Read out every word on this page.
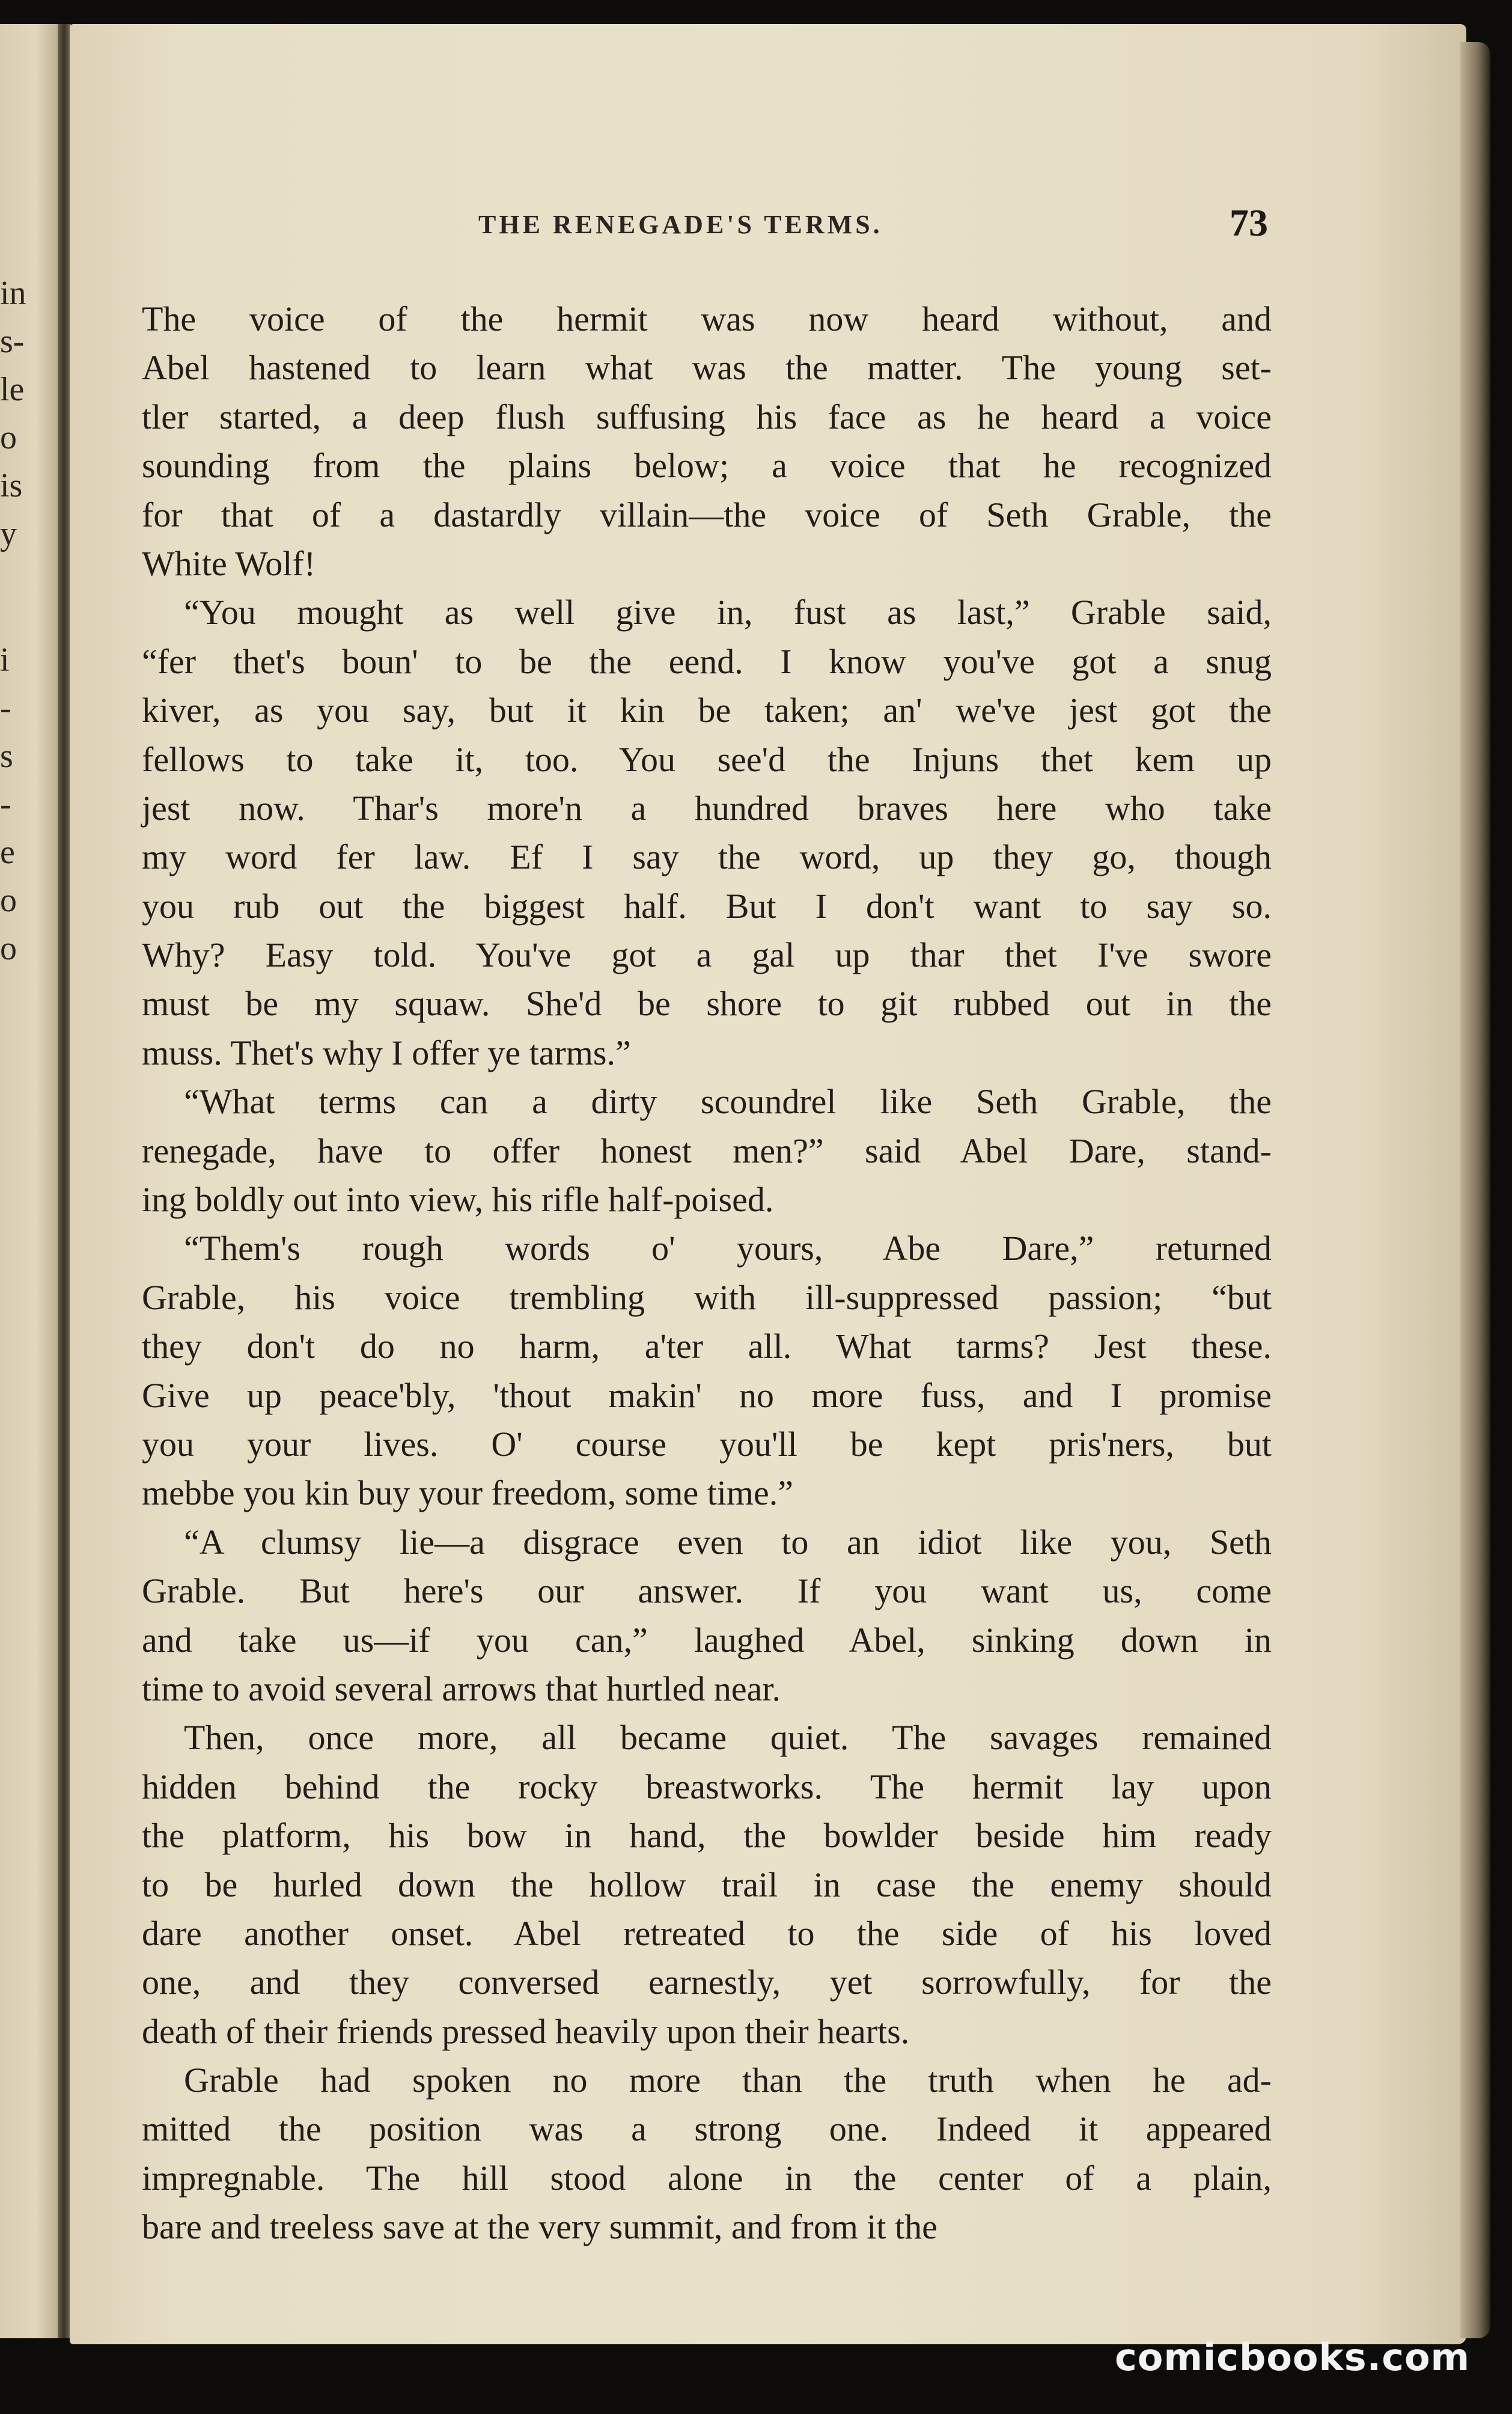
in
s-
le
o
is
y
i
-
s
-
e
o
o
THE RENEGADE'S TERMS.	73
The voice of the hermit was now heard without, and
Abel hastened to learn what was the matter. The young set-
tler started, a deep flush suffusing his face as he heard a voice
sounding from the plains below; a voice that he recognized
for that of a dastardly villain—the voice of Seth Grable, the
White Wolf!
“You mought as well give in, fust as last,” Grable said,
“fer thet's boun' to be the eend. I know you've got a snug
kiver, as you say, but it kin be taken; an' we've jest got the
fellows to take it, too. You see'd the Injuns thet kem up
jest now. Thar's more'n a hundred braves here who take
my word fer law. Ef I say the word, up they go, though
you rub out the biggest half. But I don't want to say so.
Why? Easy told. You've got a gal up thar thet I've swore
must be my squaw. She'd be shore to git rubbed out in the
muss. Thet's why I offer ye tarms.”
“What terms can a dirty scoundrel like Seth Grable, the
renegade, have to offer honest men?” said Abel Dare, stand-
ing boldly out into view, his rifle half-poised.
“Them's rough words o' yours, Abe Dare,” returned
Grable, his voice trembling with ill-suppressed passion; “but
they don't do no harm, a'ter all. What tarms? Jest these.
Give up peace'bly, 'thout makin' no more fuss, and I promise
you your lives. O' course you'll be kept pris'ners, but
mebbe you kin buy your freedom, some time.”
“A clumsy lie—a disgrace even to an idiot like you, Seth
Grable. But here's our answer. If you want us, come
and take us—if you can,” laughed Abel, sinking down in
time to avoid several arrows that hurtled near.
Then, once more, all became quiet. The savages remained
hidden behind the rocky breastworks. The hermit lay upon
the platform, his bow in hand, the bowlder beside him ready
to be hurled down the hollow trail in case the enemy should
dare another onset. Abel retreated to the side of his loved
one, and they conversed earnestly, yet sorrowfully, for the
death of their friends pressed heavily upon their hearts.
Grable had spoken no more than the truth when he ad-
mitted the position was a strong one. Indeed it appeared
impregnable. The hill stood alone in the center of a plain,
bare and treeless save at the very summit, and from it the
comicbooks.com
